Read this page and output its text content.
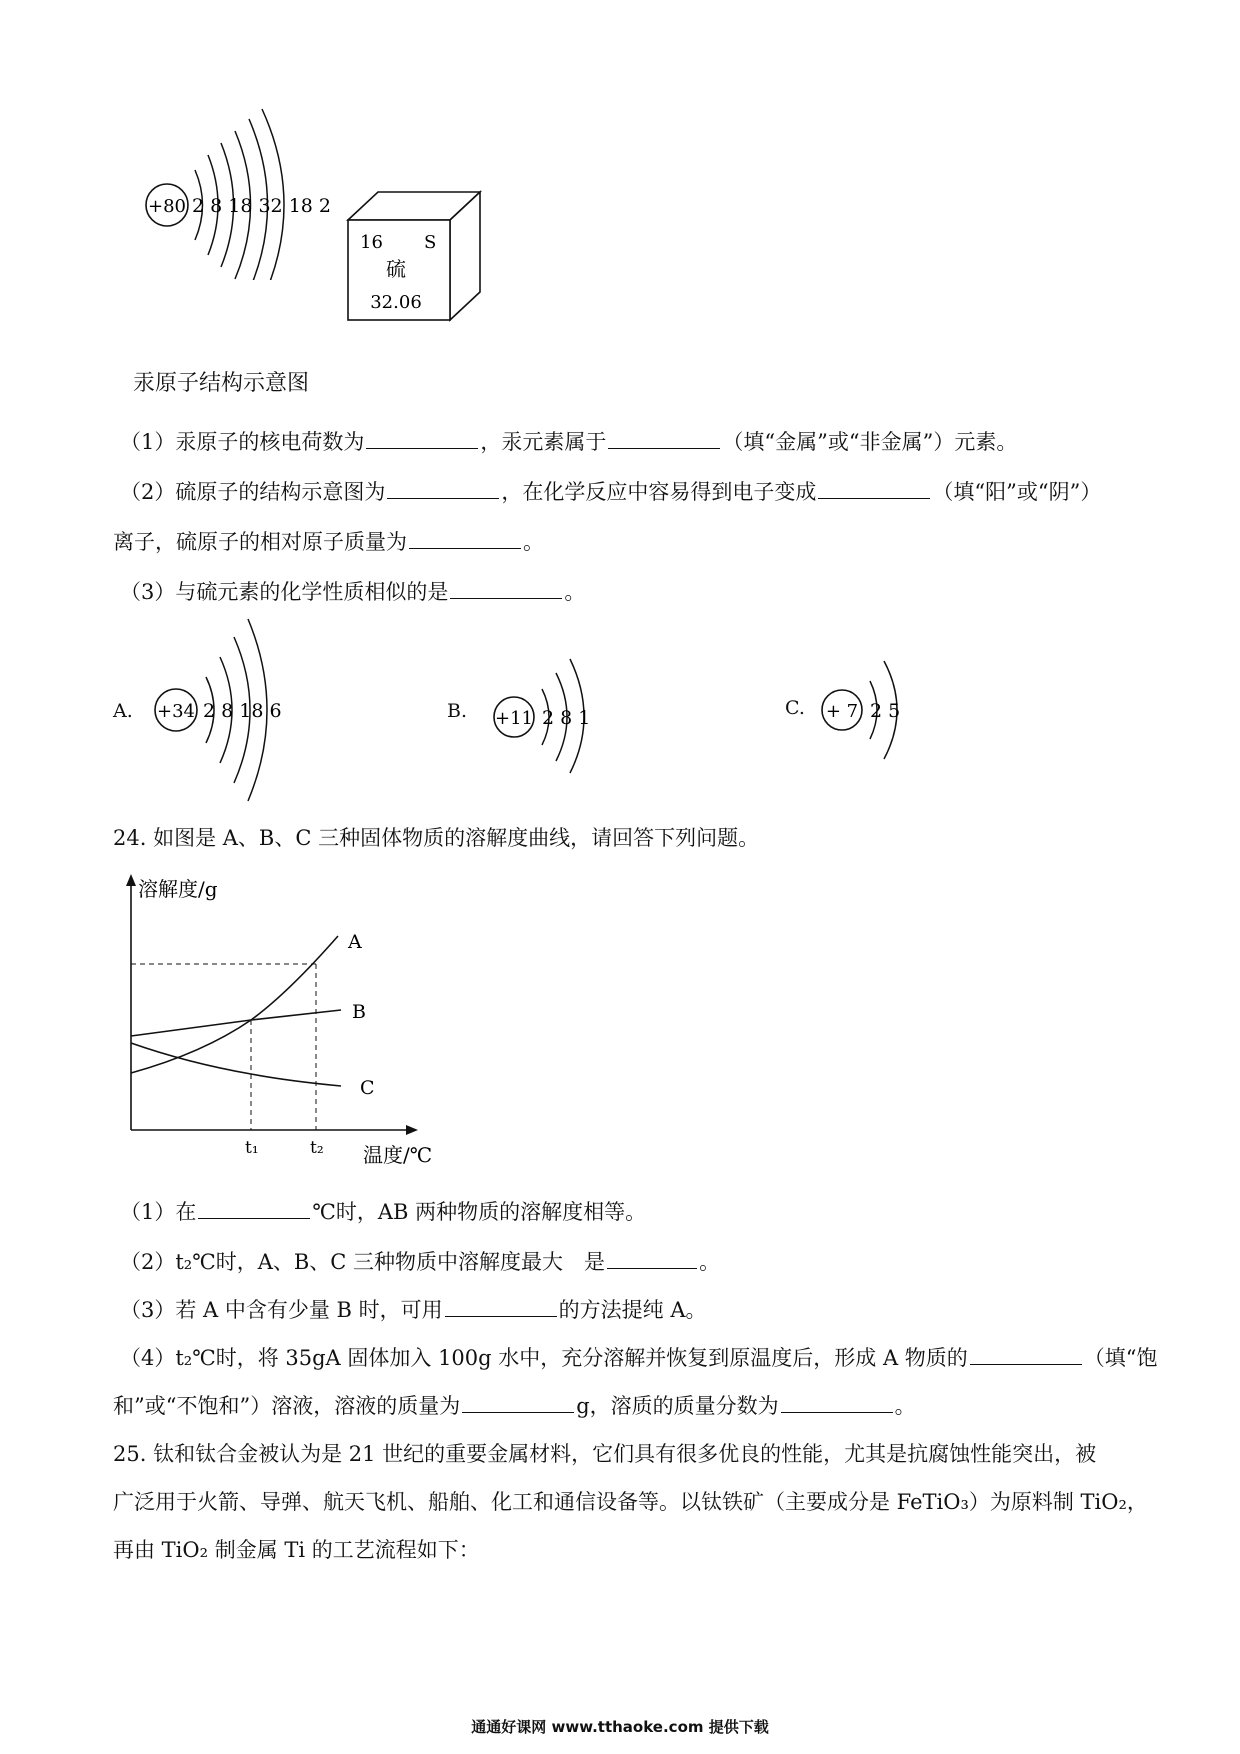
+80 2 8 18 32 18 2
16 S
硫
32.06
汞原子结构示意图
（1）汞原子的核电荷数为	，汞元素属于	（填“金属”或“非金属”）元素。
（2）硫原子的结构示意图为	，在化学反应中容易得到电子变成	（填“阳”或“阴”）
离子，硫原子的相对原子质量为	。
（3）与硫元素的化学性质相似的是	。
A. +34 2 8 18 6	B. +11 2 8 1	C. + 7 2 5
24. 如图是 A、B、C 三种固体物质的溶解度曲线，请回答下列问题。
溶解度/g
温度/℃
A
B
C
t₁	t₂
（1）在	℃时，AB 两种物质的溶解度相等。
（2）t₂℃时，A、B、C 三种物质中溶解度最大　是	。
（3）若 A 中含有少量 B 时，可用	的方法提纯 A。
（4）t₂℃时，将 35gA 固体加入 100g 水中，充分溶解并恢复到原温度后，形成 A 物质的	（填“饱
和”或“不饱和”）溶液，溶液的质量为	g，溶质的质量分数为	。
25. 钛和钛合金被认为是 21 世纪的重要金属材料，它们具有很多优良的性能，尤其是抗腐蚀性能突出，被
广泛用于火箭、导弹、航天飞机、船舶、化工和通信设备等。以钛铁矿（主要成分是 FeTiO₃）为原料制 TiO₂，
再由 TiO₂ 制金属 Ti 的工艺流程如下：
通通好课网 www.tthaoke.com 提供下载
